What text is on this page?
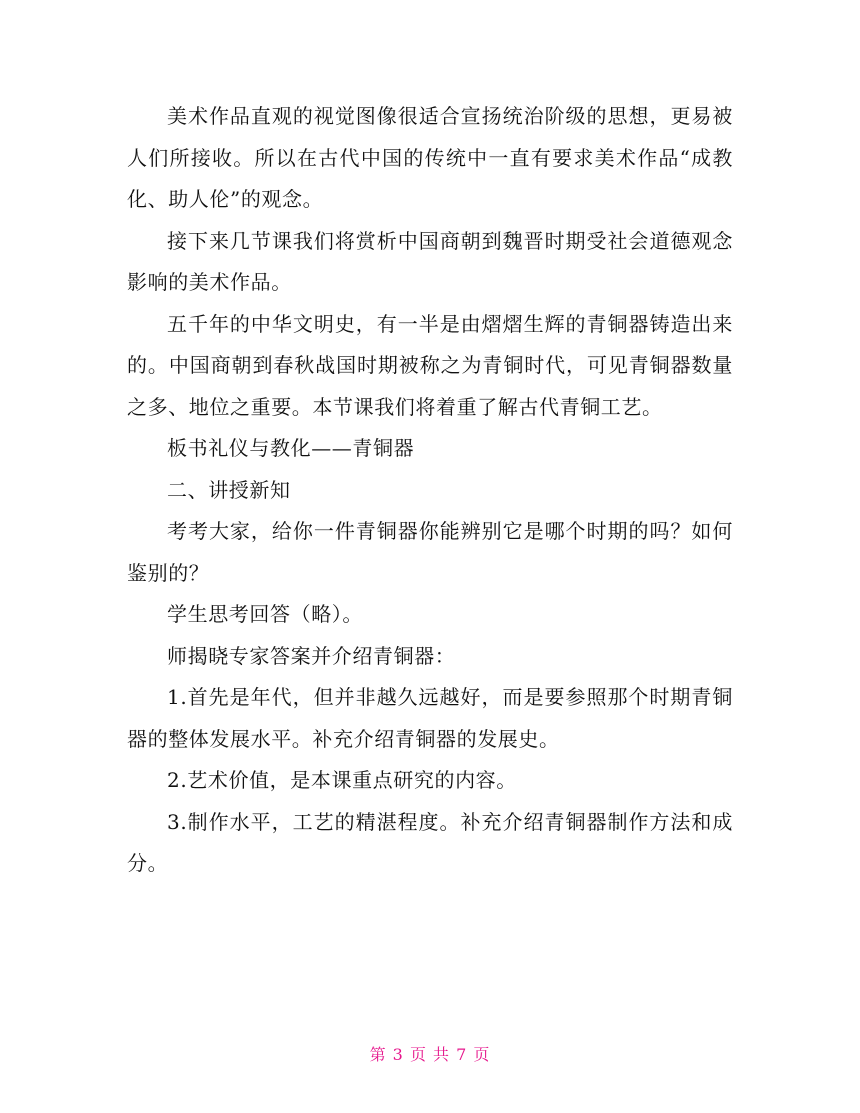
美术作品直观的视觉图像很适合宣扬统治阶级的思想，更易被人们所接收。所以在古代中国的传统中一直有要求美术作品“成教化、助人伦”的观念。

接下来几节课我们将赏析中国商朝到魏晋时期受社会道德观念影响的美术作品。

五千年的中华文明史，有一半是由熠熠生辉的青铜器铸造出来的。中国商朝到春秋战国时期被称之为青铜时代，可见青铜器数量之多、地位之重要。本节课我们将着重了解古代青铜工艺。

板书礼仪与教化——青铜器

二、讲授新知

考考大家，给你一件青铜器你能辨别它是哪个时期的吗？如何鉴别的？

学生思考回答（略）。

师揭晓专家答案并介绍青铜器：

1.首先是年代，但并非越久远越好，而是要参照那个时期青铜器的整体发展水平。补充介绍青铜器的发展史。

2.艺术价值，是本课重点研究的内容。

3.制作水平，工艺的精湛程度。补充介绍青铜器制作方法和成分。

第 3 页 共 7 页
